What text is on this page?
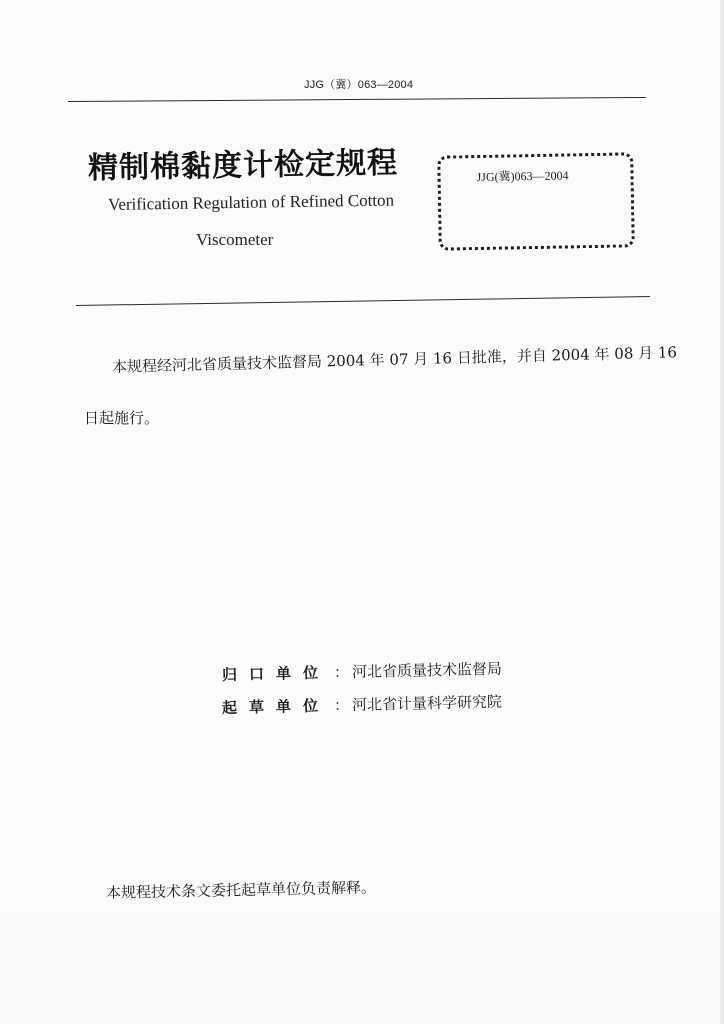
JJG（冀）063—2004
精制棉黏度计检定规程
Verification Regulation of Refined Cotton
Viscometer
JJG(冀)063—2004
本规程经河北省质量技术监督局 2004 年 07 月 16 日批准，并自 2004 年 08 月 16
日起施行。
归口单位 ： 河北省质量技术监督局
起草单位 ： 河北省计量科学研究院
本规程技术条文委托起草单位负责解释。
